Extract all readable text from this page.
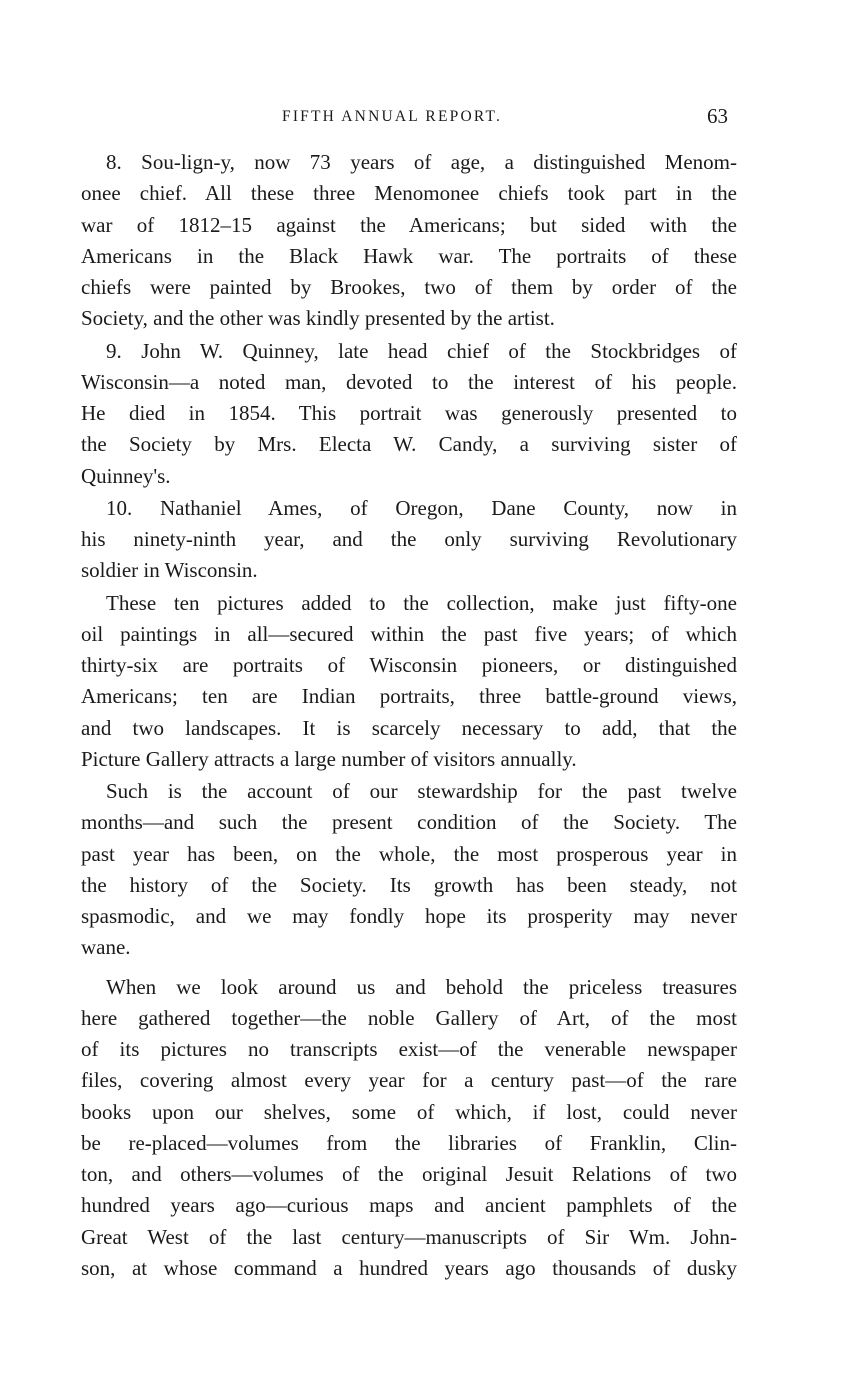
FIFTH ANNUAL REPORT.	63
8. Sou-lign-y, now 73 years of age, a distinguished Menom-
onee chief. All these three Menomonee chiefs took part in the
war of 1812–15 against the Americans; but sided with the
Americans in the Black Hawk war. The portraits of these
chiefs were painted by Brookes, two of them by order of the
Society, and the other was kindly presented by the artist.
9. John W. Quinney, late head chief of the Stockbridges of
Wisconsin—a noted man, devoted to the interest of his people.
He died in 1854. This portrait was generously presented to
the Society by Mrs. Electa W. Candy, a surviving sister of
Quinney's.
10. Nathaniel Ames, of Oregon, Dane County, now in
his ninety-ninth year, and the only surviving Revolutionary
soldier in Wisconsin.
These ten pictures added to the collection, make just fifty-one
oil paintings in all—secured within the past five years; of which
thirty-six are portraits of Wisconsin pioneers, or distinguished
Americans; ten are Indian portraits, three battle-ground views,
and two landscapes. It is scarcely necessary to add, that the
Picture Gallery attracts a large number of visitors annually.
Such is the account of our stewardship for the past twelve
months—and such the present condition of the Society. The
past year has been, on the whole, the most prosperous year in
the history of the Society. Its growth has been steady, not
spasmodic, and we may fondly hope its prosperity may never
wane.
When we look around us and behold the priceless treasures
here gathered together—the noble Gallery of Art, of the most
of its pictures no transcripts exist—of the venerable newspaper
files, covering almost every year for a century past—of the rare
books upon our shelves, some of which, if lost, could never
be re-placed—volumes from the libraries of Franklin, Clin-
ton, and others—volumes of the original Jesuit Relations of two
hundred years ago—curious maps and ancient pamphlets of the
Great West of the last century—manuscripts of Sir Wm. John-
son, at whose command a hundred years ago thousands of dusky
